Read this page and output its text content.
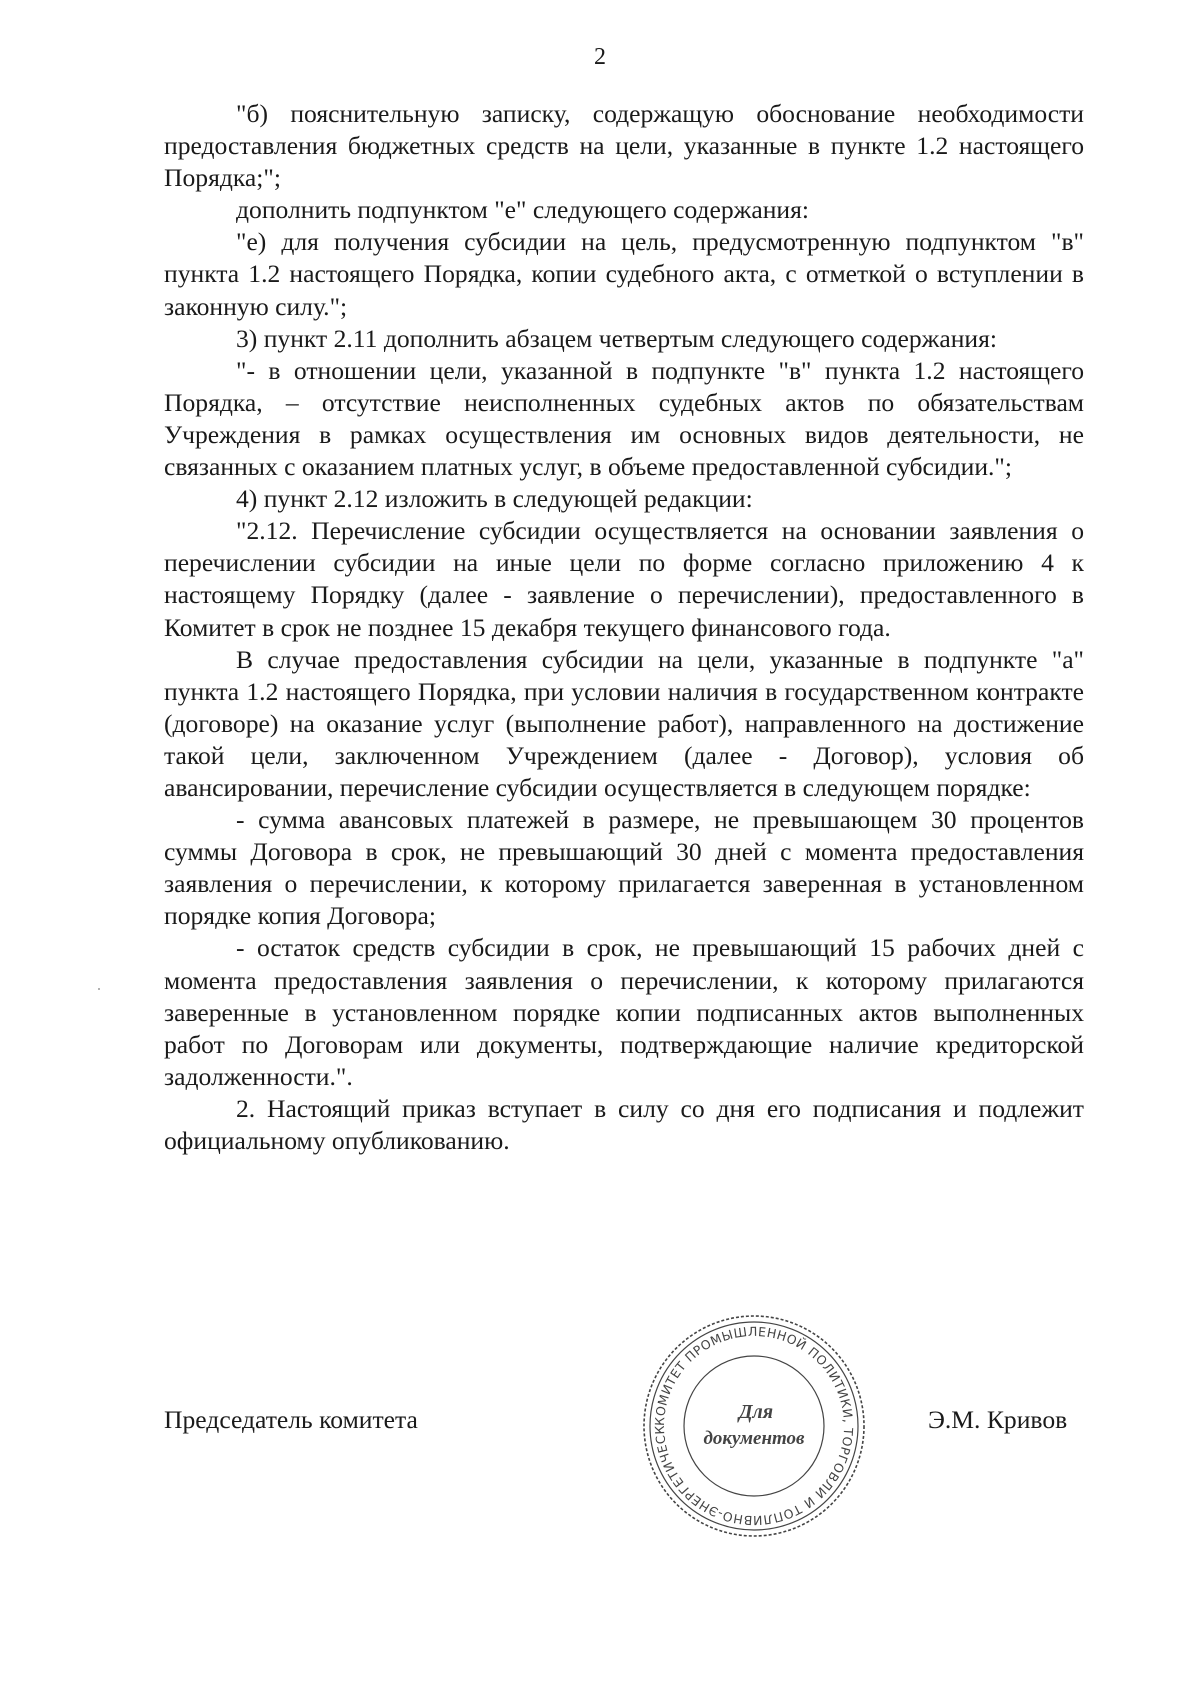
2

"б) пояснительную записку, содержащую обоснование необходимости предоставления бюджетных средств на цели, указанные в пункте 1.2 настоящего Порядка;";

дополнить подпунктом "е" следующего содержания:

"е) для получения субсидии на цель, предусмотренную подпунктом "в" пункта 1.2 настоящего Порядка, копии судебного акта, с отметкой о вступлении в законную силу.";

3) пункт 2.11 дополнить абзацем четвертым следующего содержания:

"- в отношении цели, указанной в подпункте "в" пункта 1.2 настоящего Порядка, – отсутствие неисполненных судебных актов по обязательствам Учреждения в рамках осуществления им основных видов деятельности, не связанных с оказанием платных услуг, в объеме предоставленной субсидии.";

4) пункт 2.12 изложить в следующей редакции:

"2.12. Перечисление субсидии осуществляется на основании заявления о перечислении субсидии на иные цели по форме согласно приложению 4 к настоящему Порядку (далее - заявление о перечислении), предоставленного в Комитет в срок не позднее 15 декабря текущего финансового года.

В случае предоставления субсидии на цели, указанные в подпункте "а" пункта 1.2 настоящего Порядка, при условии наличия в государственном контракте (договоре) на оказание услуг (выполнение работ), направленного на достижение такой цели, заключенном Учреждением (далее - Договор), условия об авансировании, перечисление субсидии осуществляется в следующем порядке:

- сумма авансовых платежей в размере, не превышающем 30 процентов суммы Договора в срок, не превышающий 30 дней с момента предоставления заявления о перечислении, к которому прилагается заверенная в установленном порядке копия Договора;

- остаток средств субсидии в срок, не превышающий 15 рабочих дней с момента предоставления заявления о перечислении, к которому прилагаются заверенные в установленном порядке копии подписанных актов выполненных работ по Договорам или документы, подтверждающие наличие кредиторской задолженности.".

2. Настоящий приказ вступает в силу со дня его подписания и подлежит официальному опубликованию.

Председатель комитета	Э.М. Кривов
КОМИТЕТ ПРОМЫШЛЕННОЙ ПОЛИТИКИ, ТОРГОВЛИ И ТОПЛИВНО-ЭНЕРГЕТИЧЕСК
Для
документов
